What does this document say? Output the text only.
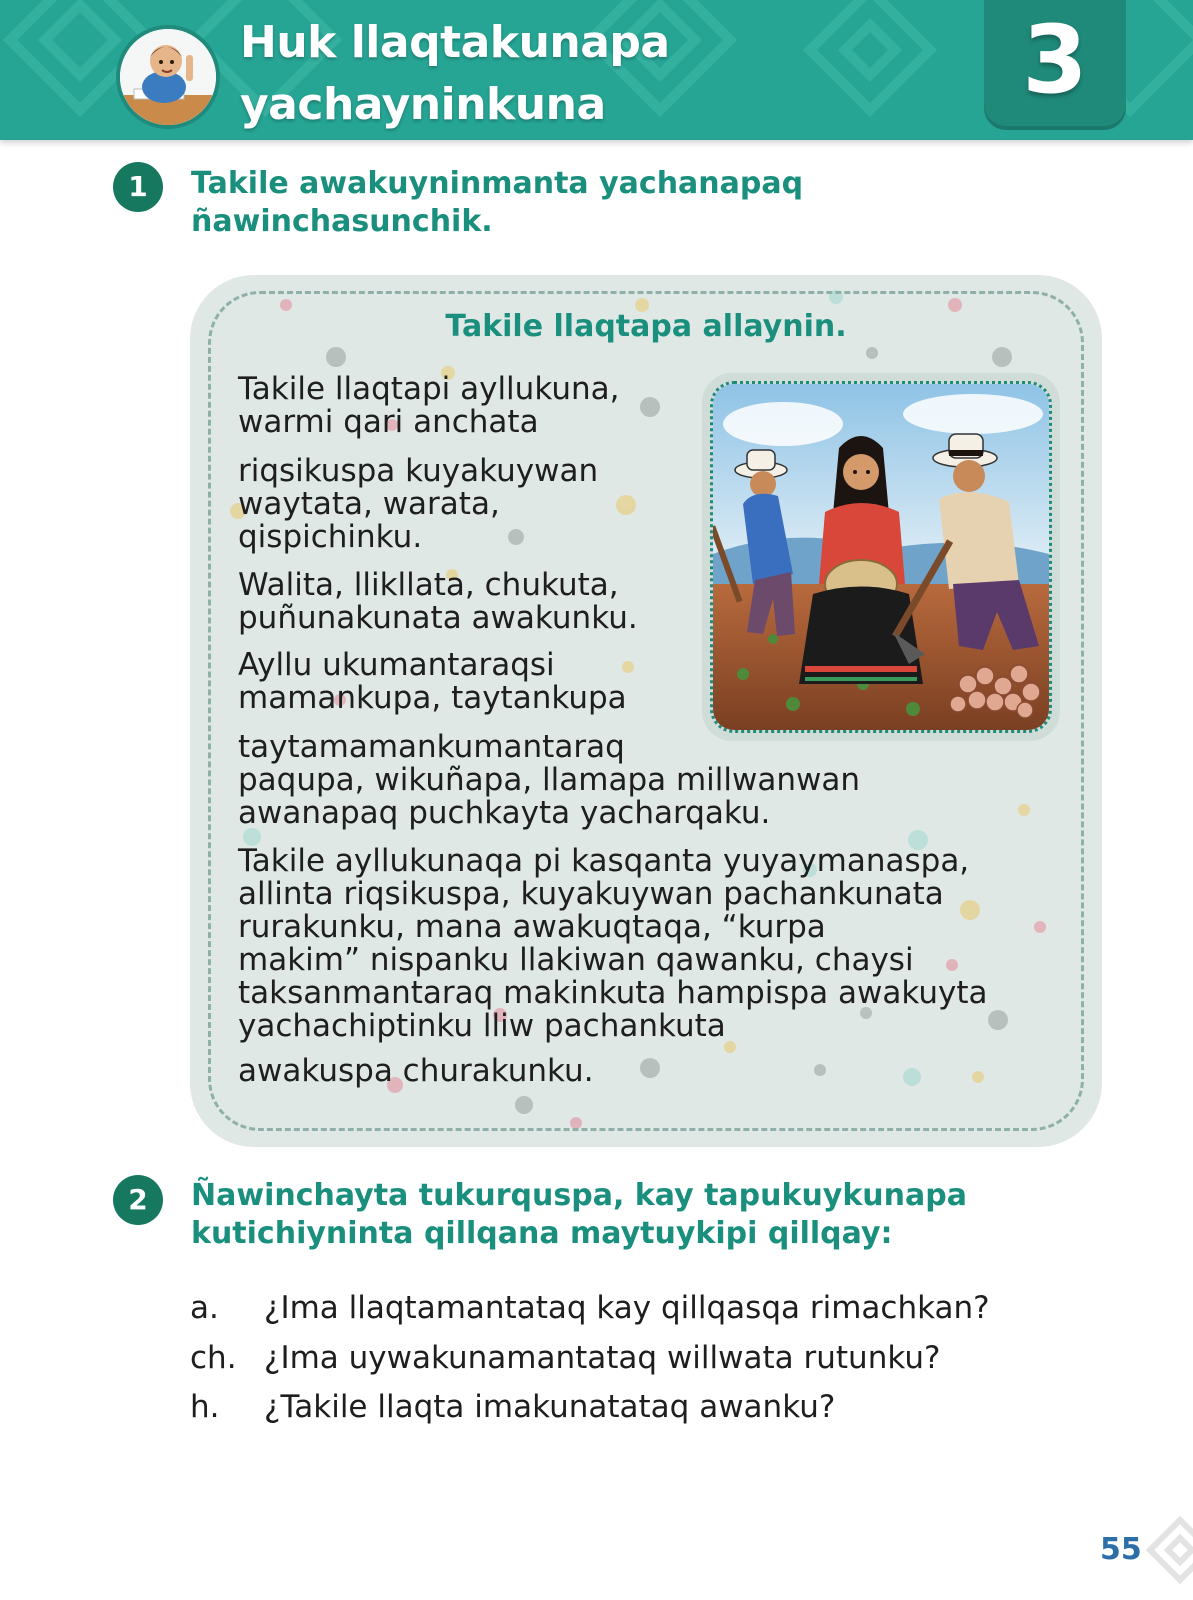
Huk llaqtakunapa
yachayninkuna	3
1	Takile awakuyninmanta yachanapaq
ñawinchasunchik.
Takile llaqtapa allaynin.

Takile llaqtapi ayllukuna,
warmi qari anchata

riqsikuspa kuyakuywan
waytata, warata,
qispichinku.

Walita, llikllata, chukuta,
puñunakunata awakunku.

Ayllu ukumantaraqsi
mamankupa, taytankupa

taytamamankumantaraq
paqupa, wikuñapa, llamapa millwanwan
awanapaq puchkayta yacharqaku.

Takile ayllukunaqa pi kasqanta yuyaymanaspa,
allinta riqsikuspa, kuyakuywan pachankunata
rurakunku, mana awakuqtaqa, “kurpa
makim” nispanku llakiwan qawanku, chaysi
taksanmantaraq makinkuta hampispa awakuyta
yachachiptinku lliw pachankuta

awakuspa churakunku.

2	Ñawinchayta tukurquspa, kay tapukuykunapa
kutichiyninta qillqana maytuykipi qillqay:
a. ¿Ima llaqtamantataq kay qillqasqa rimachkan?
ch. ¿Ima uywakunamantataq willwata rutunku?
h. ¿Takile llaqta imakunatataq awanku?
55
